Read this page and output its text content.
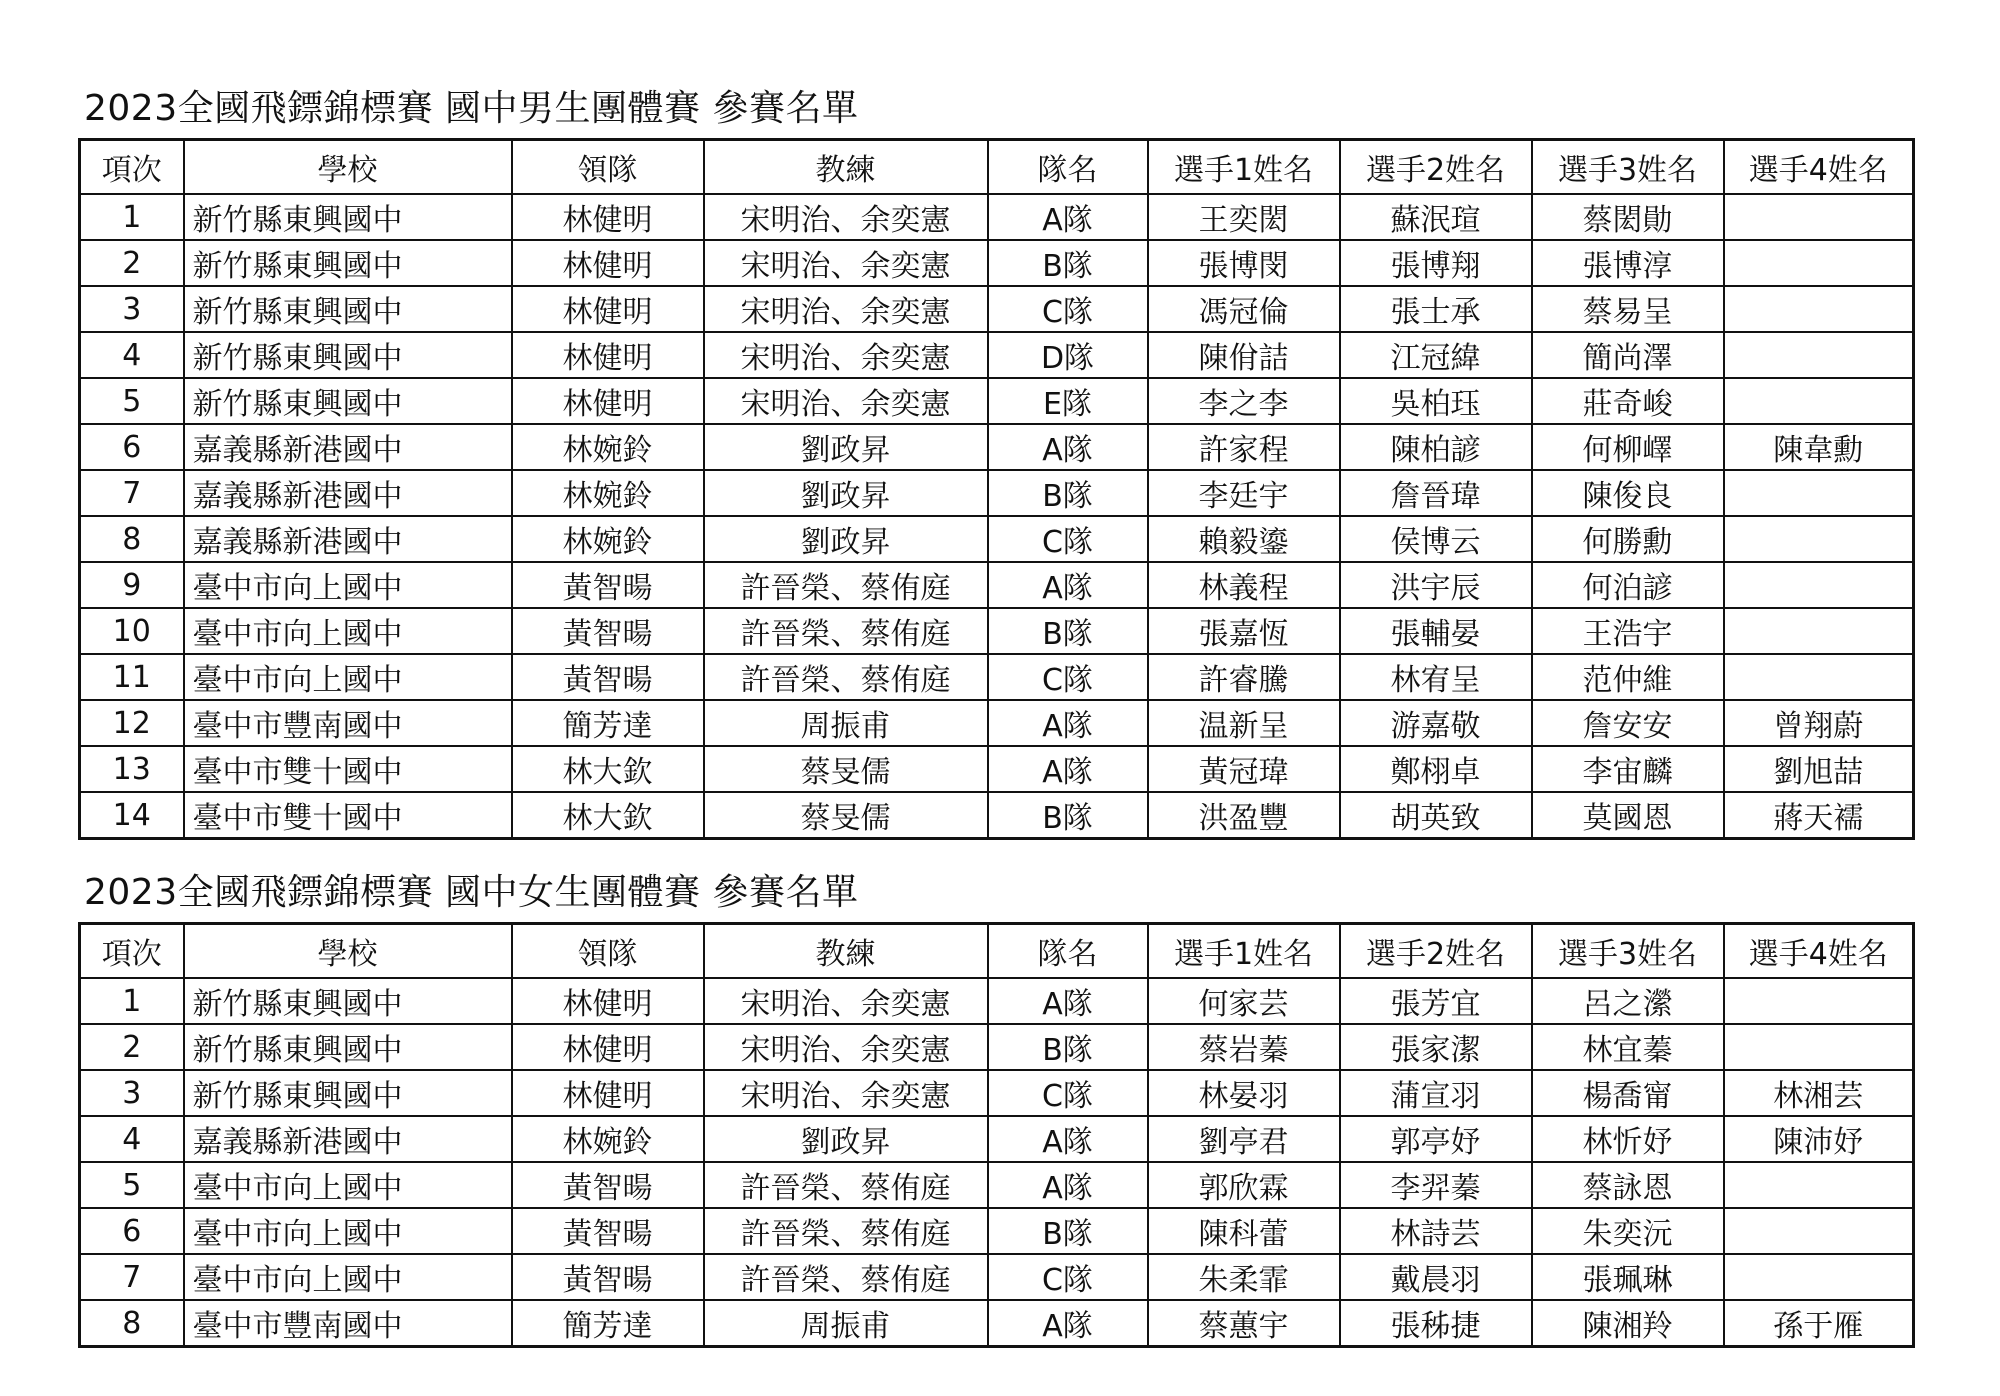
2023全國飛鏢錦標賽 國中男生團體賽 參賽名單
項次	學校	領隊	教練	隊名	選手1姓名	選手2姓名	選手3姓名	選手4姓名
1	新竹縣東興國中	林健明	宋明治、余奕憲	A隊	王奕閎	蘇泯瑄	蔡閎勛	
2	新竹縣東興國中	林健明	宋明治、余奕憲	B隊	張博閔	張博翔	張博淳	
3	新竹縣東興國中	林健明	宋明治、余奕憲	C隊	馮冠倫	張士承	蔡易呈	
4	新竹縣東興國中	林健明	宋明治、余奕憲	D隊	陳佾詰	江冠緯	簡尚澤	
5	新竹縣東興國中	林健明	宋明治、余奕憲	E隊	李之李	吳柏珏	莊奇峻	
6	嘉義縣新港國中	林婉鈴	劉政昇	A隊	許家程	陳柏諺	何柳嶧	陳韋勳
7	嘉義縣新港國中	林婉鈴	劉政昇	B隊	李廷宇	詹晉瑋	陳俊良	
8	嘉義縣新港國中	林婉鈴	劉政昇	C隊	賴毅鎏	侯博云	何勝勳	
9	臺中市向上國中	黃智暘	許晉榮、蔡侑庭	A隊	林義程	洪宇辰	何泊諺	
10	臺中市向上國中	黃智暘	許晉榮、蔡侑庭	B隊	張嘉恆	張輔晏	王浩宇	
11	臺中市向上國中	黃智暘	許晉榮、蔡侑庭	C隊	許睿騰	林宥呈	范仲維	
12	臺中市豐南國中	簡芳達	周振甫	A隊	温新呈	游嘉敬	詹安安	曾翔蔚
13	臺中市雙十國中	林大欽	蔡旻儒	A隊	黃冠瑋	鄭栩卓	李宙麟	劉旭喆
14	臺中市雙十國中	林大欽	蔡旻儒	B隊	洪盈豐	胡英致	莫國恩	蔣天襦
2023全國飛鏢錦標賽 國中女生團體賽 參賽名單
項次	學校	領隊	教練	隊名	選手1姓名	選手2姓名	選手3姓名	選手4姓名
1	新竹縣東興國中	林健明	宋明治、余奕憲	A隊	何家芸	張芳宜	呂之瀠	
2	新竹縣東興國中	林健明	宋明治、余奕憲	B隊	蔡岩蓁	張家潔	林宜蓁	
3	新竹縣東興國中	林健明	宋明治、余奕憲	C隊	林晏羽	蒲宣羽	楊喬甯	林湘芸
4	嘉義縣新港國中	林婉鈴	劉政昇	A隊	劉亭君	郭亭妤	林忻妤	陳沛妤
5	臺中市向上國中	黃智暘	許晉榮、蔡侑庭	A隊	郭欣霖	李羿蓁	蔡詠恩	
6	臺中市向上國中	黃智暘	許晉榮、蔡侑庭	B隊	陳科蕾	林詩芸	朱奕沅	
7	臺中市向上國中	黃智暘	許晉榮、蔡侑庭	C隊	朱柔霏	戴晨羽	張珮琳	
8	臺中市豐南國中	簡芳達	周振甫	A隊	蔡蕙宇	張秭捷	陳湘羚	孫于雁
